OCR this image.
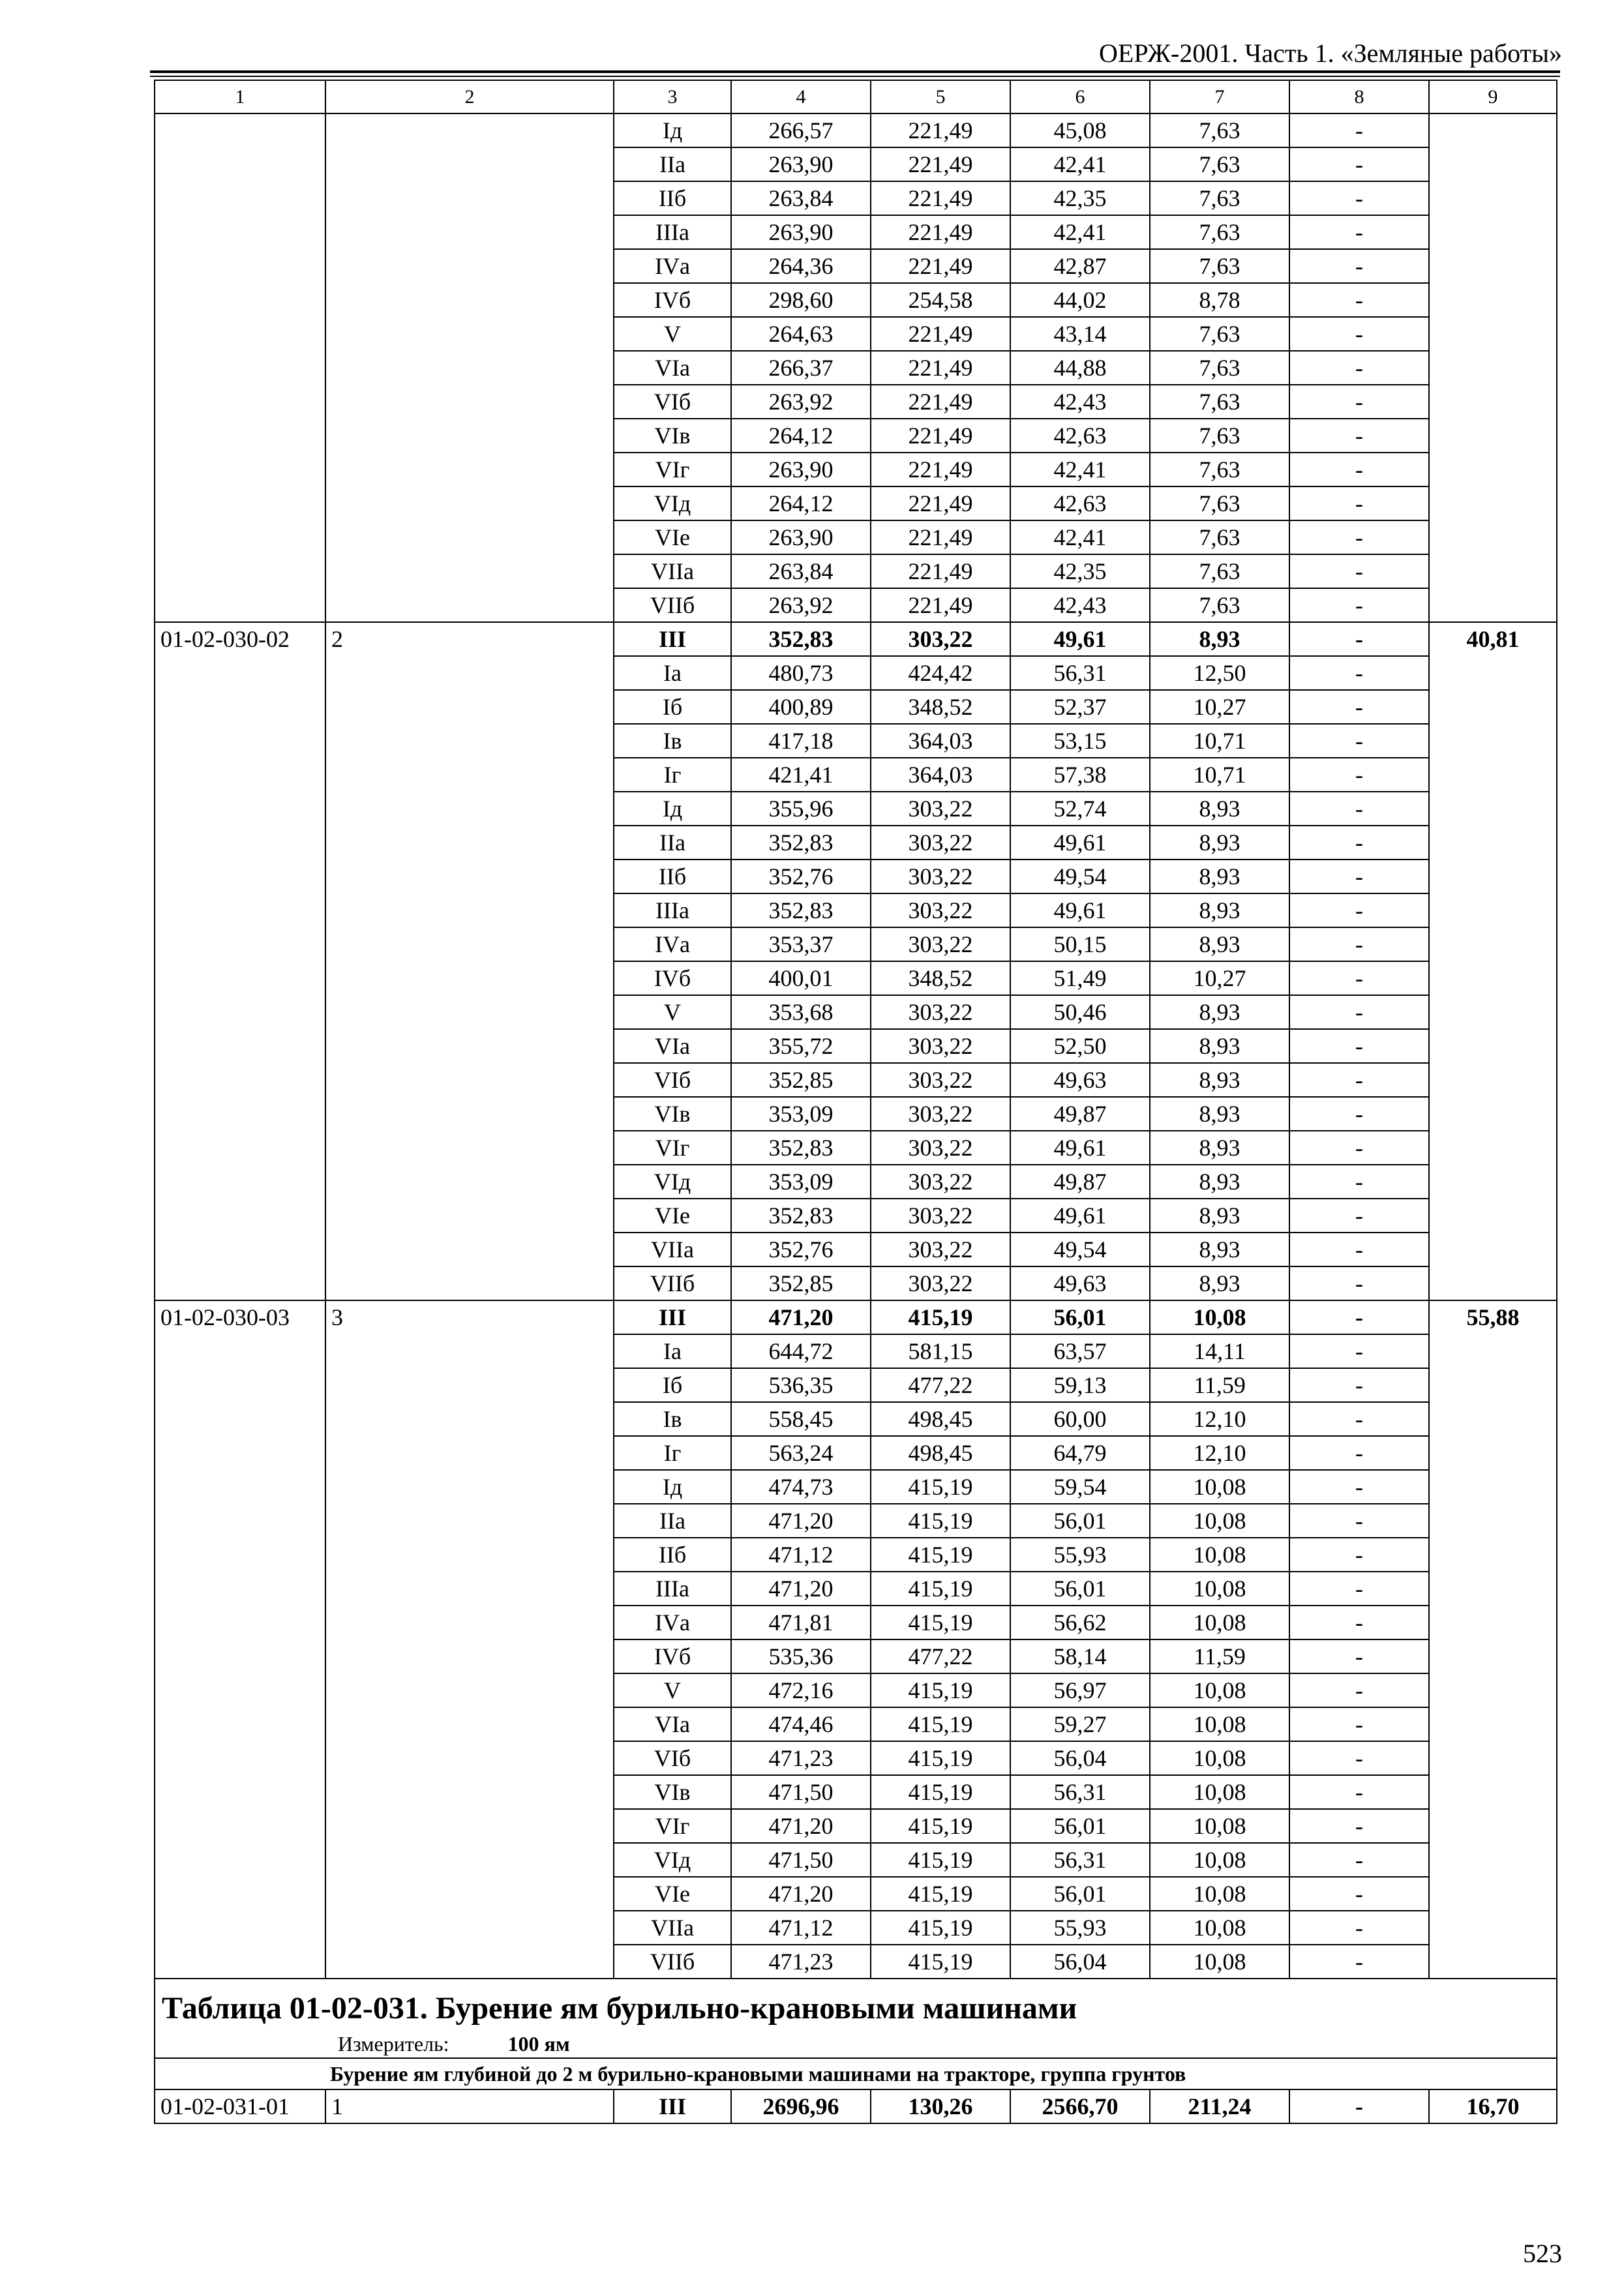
ОЕРЖ-2001. Часть 1. «Земляные работы»
1	2	3	4	5	6	7	8	9
		Iд	266,57	221,49	45,08	7,63	-	
		IIа	263,90	221,49	42,41	7,63	-	
		IIб	263,84	221,49	42,35	7,63	-	
		IIIа	263,90	221,49	42,41	7,63	-	
		IVа	264,36	221,49	42,87	7,63	-	
		IVб	298,60	254,58	44,02	8,78	-	
		V	264,63	221,49	43,14	7,63	-	
		VIа	266,37	221,49	44,88	7,63	-	
		VIб	263,92	221,49	42,43	7,63	-	
		VIв	264,12	221,49	42,63	7,63	-	
		VIг	263,90	221,49	42,41	7,63	-	
		VIд	264,12	221,49	42,63	7,63	-	
		VIе	263,90	221,49	42,41	7,63	-	
		VIIа	263,84	221,49	42,35	7,63	-	
		VIIб	263,92	221,49	42,43	7,63	-	
01-02-030-02	2	III	352,83	303,22	49,61	8,93	-	40,81
		Iа	480,73	424,42	56,31	12,50	-	
		Iб	400,89	348,52	52,37	10,27	-	
		Iв	417,18	364,03	53,15	10,71	-	
		Iг	421,41	364,03	57,38	10,71	-	
		Iд	355,96	303,22	52,74	8,93	-	
		IIа	352,83	303,22	49,61	8,93	-	
		IIб	352,76	303,22	49,54	8,93	-	
		IIIа	352,83	303,22	49,61	8,93	-	
		IVа	353,37	303,22	50,15	8,93	-	
		IVб	400,01	348,52	51,49	10,27	-	
		V	353,68	303,22	50,46	8,93	-	
		VIа	355,72	303,22	52,50	8,93	-	
		VIб	352,85	303,22	49,63	8,93	-	
		VIв	353,09	303,22	49,87	8,93	-	
		VIг	352,83	303,22	49,61	8,93	-	
		VIд	353,09	303,22	49,87	8,93	-	
		VIе	352,83	303,22	49,61	8,93	-	
		VIIа	352,76	303,22	49,54	8,93	-	
		VIIб	352,85	303,22	49,63	8,93	-	
01-02-030-03	3	III	471,20	415,19	56,01	10,08	-	55,88
		Iа	644,72	581,15	63,57	14,11	-	
		Iб	536,35	477,22	59,13	11,59	-	
		Iв	558,45	498,45	60,00	12,10	-	
		Iг	563,24	498,45	64,79	12,10	-	
		Iд	474,73	415,19	59,54	10,08	-	
		IIа	471,20	415,19	56,01	10,08	-	
		IIб	471,12	415,19	55,93	10,08	-	
		IIIа	471,20	415,19	56,01	10,08	-	
		IVа	471,81	415,19	56,62	10,08	-	
		IVб	535,36	477,22	58,14	11,59	-	
		V	472,16	415,19	56,97	10,08	-	
		VIа	474,46	415,19	59,27	10,08	-	
		VIб	471,23	415,19	56,04	10,08	-	
		VIв	471,50	415,19	56,31	10,08	-	
		VIг	471,20	415,19	56,01	10,08	-	
		VIд	471,50	415,19	56,31	10,08	-	
		VIе	471,20	415,19	56,01	10,08	-	
		VIIа	471,12	415,19	55,93	10,08	-	
		VIIб	471,23	415,19	56,04	10,08	-	

Таблица 01-02-031. Бурение ям бурильно-крановыми машинами
Измеритель: 100 ям								

Бурение ям глубиной до 2 м бурильно-крановыми машинами на тракторе, группа грунтов								
01-02-031-01	1	III	2696,96	130,26	2566,70	211,24	-	16,70
523
